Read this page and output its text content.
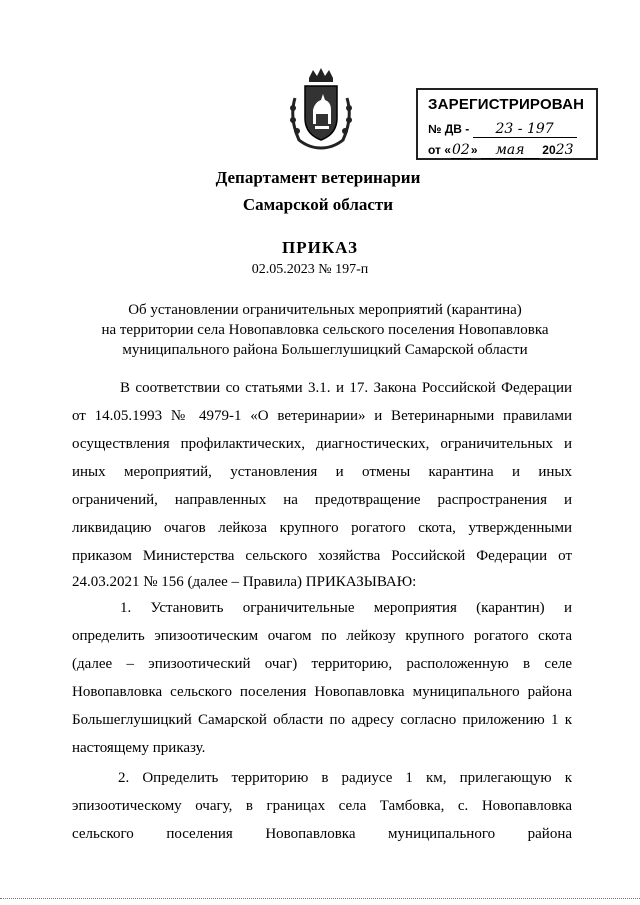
ЗАРЕГИСТРИРОВАН
№ ДВ - 23 - 197
от «02» мая 2023
Департамент ветеринарии
Самарской области
ПРИКАЗ
02.05.2023 № 197-п
Об установлении ограничительных мероприятий (карантина)
на территории села Новопавловка сельского поселения Новопавловка
муниципального района Большеглушицкий Самарской области
В соответствии со статьями 3.1. и 17. Закона Российской Федерации
от 14.05.1993 № 4979-1 «О ветеринарии» и Ветеринарными правилами
осуществления профилактических, диагностических, ограничительных и
иных мероприятий, установления и отмены карантина и иных
ограничений, направленных на предотвращение распространения и
ликвидацию очагов лейкоза крупного рогатого скота, утвержденными
приказом Министерства сельского хозяйства Российской Федерации от
24.03.2021 № 156 (далее – Правила) ПРИКАЗЫВАЮ:
1. Установить ограничительные мероприятия (карантин) и
определить эпизоотическим очагом по лейкозу крупного рогатого скота
(далее – эпизоотический очаг) территорию, расположенную в селе
Новопавловка сельского поселения Новопавловка муниципального района
Большеглушицкий Самарской области по адресу согласно приложению 1 к
настоящему приказу.
2. Определить территорию в радиусе 1 км, прилегающую к
эпизоотическому очагу, в границах села Тамбовка, с. Новопавловка
сельского поселения Новопавловка муниципального района
